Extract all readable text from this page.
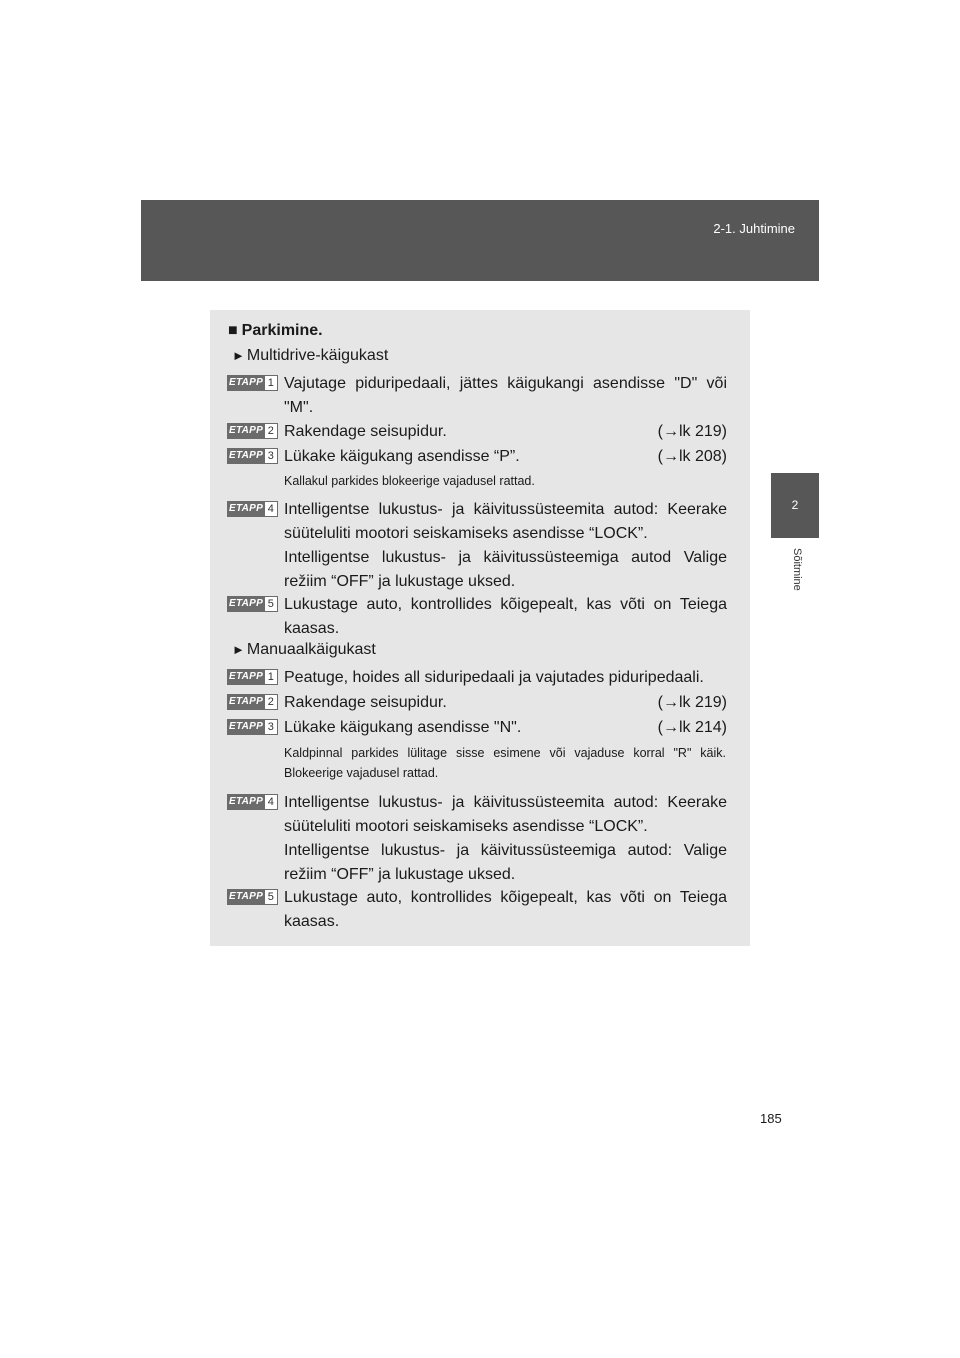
2-1. Juhtimine
2
Sõitmine
■ Parkimine.
► Multidrive-käigukast
ETAPP 1 Vajutage piduripedaali, jättes käigukangi asendisse "D" või "M".
ETAPP 2 Rakendage seisupidur.	(→lk 219)
ETAPP 3 Lükake käigukang asendisse “P”.	(→lk 208)
Kallakul parkides blokeerige vajadusel rattad.
ETAPP 4 Intelligentse lukustus- ja käivitussüsteemita autod: Keerake süüteluliti mootori seiskamiseks asendisse “LOCK”.
Intelligentse lukustus- ja käivitussüsteemiga autod Valige režiim “OFF” ja lukustage uksed.
ETAPP 5 Lukustage auto, kontrollides kõigepealt, kas võti on Teiega kaasas.
► Manuaalkäigukast
ETAPP 1 Peatuge, hoides all siduripedaali ja vajutades piduripedaali.
ETAPP 2 Rakendage seisupidur.	(→lk 219)
ETAPP 3 Lükake käigukang asendisse "N".	(→lk 214)
Kaldpinnal parkides lülitage sisse esimene või vajaduse korral "R" käik. Blokeerige vajadusel rattad.
ETAPP 4 Intelligentse lukustus- ja käivitussüsteemita autod: Keerake süüteluliti mootori seiskamiseks asendisse “LOCK”.
Intelligentse lukustus- ja käivitussüsteemiga autod: Valige režiim “OFF” ja lukustage uksed.
ETAPP 5 Lukustage auto, kontrollides kõigepealt, kas võti on Teiega kaasas.
185
